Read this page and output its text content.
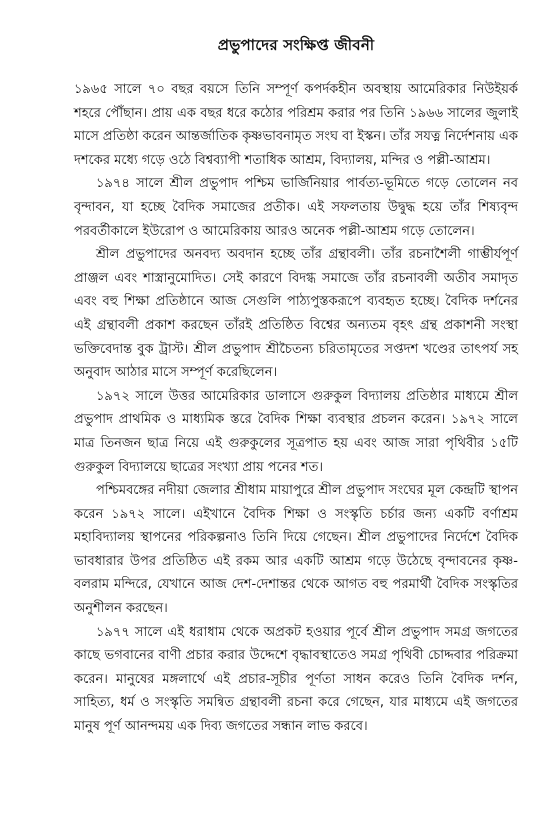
প্রভুপাদের সংক্ষিপ্ত জীবনী

১৯৬৫ সালে ৭০ বছর বয়সে তিনি সম্পূর্ণ কপর্দকহীন অবস্থায় আমেরিকার নিউইয়র্ক শহরে পৌঁছান। প্রায় এক বছর ধরে কঠোর পরিশ্রম করার পর তিনি ১৯৬৬ সালের জুলাই মাসে প্রতিষ্ঠা করেন আন্তর্জাতিক কৃষ্ণভাবনামৃত সংঘ বা ইস্কন। তাঁর সযত্ন নির্দেশনায় এক দশকের মধ্যে গড়ে ওঠে বিশ্বব্যাপী শতাধিক আশ্রম, বিদ্যালয়, মন্দির ও পল্লী-আশ্রম।

১৯৭৪ সালে শ্রীল প্রভুপাদ পশ্চিম ভার্জিনিয়ার পার্বত্য-ভূমিতে গড়ে তোলেন নব বৃন্দাবন, যা হচ্ছে বৈদিক সমাজের প্রতীক। এই সফলতায় উদ্বুদ্ধ হয়ে তাঁর শিষ্যবৃন্দ পরবর্তীকালে ইউরোপ ও আমেরিকায় আরও অনেক পল্লী-আশ্রম গড়ে তোলেন।

শ্রীল প্রভুপাদের অনবদ্য অবদান হচ্ছে তাঁর গ্রন্থাবলী। তাঁর রচনাশৈলী গাম্ভীর্যপূর্ণ প্রাঞ্জল এবং শাস্ত্রানুমোদিত। সেই কারণে বিদগ্ধ সমাজে তাঁর রচনাবলী অতীব সমাদৃত এবং বহু শিক্ষা প্রতিষ্ঠানে আজ সেগুলি পাঠ্যপুস্তকরূপে ব্যবহৃত হচ্ছে। বৈদিক দর্শনের এই গ্রন্থাবলী প্রকাশ করছেন তাঁরই প্রতিষ্ঠিত বিশ্বের অন্যতম বৃহৎ গ্রন্থ প্রকাশনী সংস্থা ভক্তিবেদান্ত বুক ট্রাস্ট। শ্রীল প্রভুপাদ শ্রীচৈতন্য চরিতামৃতের সপ্তদশ খণ্ডের তাৎপর্য সহ অনুবাদ আঠার মাসে সম্পূর্ণ করেছিলেন।

১৯৭২ সালে উত্তর আমেরিকার ডালাসে গুরুকুল বিদ্যালয় প্রতিষ্ঠার মাধ্যমে শ্রীল প্রভুপাদ প্রাথমিক ও মাধ্যমিক স্তরে বৈদিক শিক্ষা ব্যবস্থার প্রচলন করেন। ১৯৭২ সালে মাত্র তিনজন ছাত্র নিয়ে এই গুরুকুলের সূত্রপাত হয় এবং আজ সারা পৃথিবীর ১৫টি গুরুকুল বিদ্যালয়ে ছাত্রের সংখ্যা প্রায় পনের শত।

পশ্চিমবঙ্গের নদীয়া জেলার শ্রীধাম মায়াপুরে শ্রীল প্রভুপাদ সংঘের মূল কেন্দ্রটি স্থাপন করেন ১৯৭২ সালে। এইখানে বৈদিক শিক্ষা ও সংস্কৃতি চর্চার জন্য একটি বর্ণাশ্রম মহাবিদ্যালয় স্থাপনের পরিকল্পনাও তিনি দিয়ে গেছেন। শ্রীল প্রভুপাদের নির্দেশে বৈদিক ভাবধারার উপর প্রতিষ্ঠিত এই রকম আর একটি আশ্রম গড়ে উঠেছে বৃন্দাবনের কৃষ্ণ-বলরাম মন্দিরে, যেখানে আজ দেশ-দেশান্তর থেকে আগত বহু পরমার্থী বৈদিক সংস্কৃতির অনুশীলন করছেন।

১৯৭৭ সালে এই ধরাধাম থেকে অপ্রকট হওয়ার পূর্বে শ্রীল প্রভুপাদ সমগ্র জগতের কাছে ভগবানের বাণী প্রচার করার উদ্দেশে বৃদ্ধাবস্থাতেও সমগ্র পৃথিবী চোদ্দবার পরিক্রমা করেন। মানুষের মঙ্গলার্থে এই প্রচার-সূচীর পূর্ণতা সাধন করেও তিনি বৈদিক দর্শন, সাহিত্য, ধর্ম ও সংস্কৃতি সমন্বিত গ্রন্থাবলী রচনা করে গেছেন, যার মাধ্যমে এই জগতের মানুষ পূর্ণ আনন্দময় এক দিব্য জগতের সন্ধান লাভ করবে।
